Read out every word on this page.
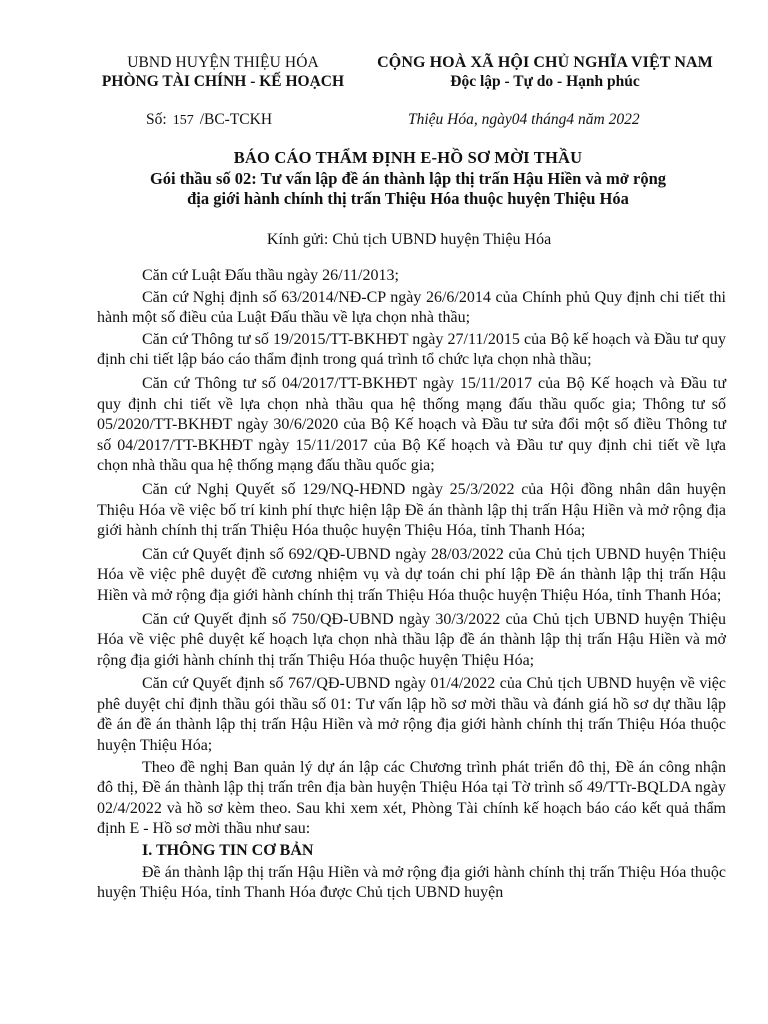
UBND HUYỆN THIỆU HÓA
PHÒNG TÀI CHÍNH - KẾ HOẠCH
CỘNG HOÀ XÃ HỘI CHỦ NGHĨA VIỆT NAM
Độc lập - Tự do - Hạnh phúc
Số: 157 /BC-TCKH	Thiệu Hóa, ngày04 tháng4 năm 2022
BÁO CÁO THẨM ĐỊNH E-HỒ SƠ MỜI THẦU
Gói thầu số 02: Tư vấn lập đề án thành lập thị trấn Hậu Hiền và mở rộng
địa giới hành chính thị trấn Thiệu Hóa thuộc huyện Thiệu Hóa
Kính gửi: Chủ tịch UBND huyện Thiệu Hóa

Căn cứ Luật Đấu thầu ngày 26/11/2013;

Căn cứ Nghị định số 63/2014/NĐ-CP ngày 26/6/2014 của Chính phủ Quy định chi tiết thi hành một số điều của Luật Đấu thầu về lựa chọn nhà thầu;

Căn cứ Thông tư số 19/2015/TT-BKHĐT ngày 27/11/2015 của Bộ kế hoạch và Đầu tư quy định chi tiết lập báo cáo thẩm định trong quá trình tổ chức lựa chọn nhà thầu;

Căn cứ Thông tư số 04/2017/TT-BKHĐT ngày 15/11/2017 của Bộ Kế hoạch và Đầu tư quy định chi tiết về lựa chọn nhà thầu qua hệ thống mạng đấu thầu quốc gia; Thông tư số 05/2020/TT-BKHĐT ngày 30/6/2020 của Bộ Kế hoạch và Đầu tư sửa đổi một số điều Thông tư số 04/2017/TT-BKHĐT ngày 15/11/2017 của Bộ Kế hoạch và Đầu tư quy định chi tiết về lựa chọn nhà thầu qua hệ thống mạng đấu thầu quốc gia;

Căn cứ Nghị Quyết số 129/NQ-HĐND ngày 25/3/2022 của Hội đồng nhân dân huyện Thiệu Hóa về việc bố trí kinh phí thực hiện lập Đề án thành lập thị trấn Hậu Hiền và mở rộng địa giới hành chính thị trấn Thiệu Hóa thuộc huyện Thiệu Hóa, tỉnh Thanh Hóa;

Căn cứ Quyết định số 692/QĐ-UBND ngày 28/03/2022 của Chủ tịch UBND huyện Thiệu Hóa về việc phê duyệt đề cương nhiệm vụ và dự toán chi phí lập Đề án thành lập thị trấn Hậu Hiền và mở rộng địa giới hành chính thị trấn Thiệu Hóa thuộc huyện Thiệu Hóa, tỉnh Thanh Hóa;

Căn cứ Quyết định số 750/QĐ-UBND ngày 30/3/2022 của Chủ tịch UBND huyện Thiệu Hóa về việc phê duyệt kế hoạch lựa chọn nhà thầu lập đề án thành lập thị trấn Hậu Hiền và mở rộng địa giới hành chính thị trấn Thiệu Hóa thuộc huyện Thiệu Hóa;

Căn cứ Quyết định số 767/QĐ-UBND ngày 01/4/2022 của Chủ tịch UBND huyện về việc phê duyệt chỉ định thầu gói thầu số 01: Tư vấn lập hồ sơ mời thầu và đánh giá hồ sơ dự thầu lập đề án đề án thành lập thị trấn Hậu Hiền và mở rộng địa giới hành chính thị trấn Thiệu Hóa thuộc huyện Thiệu Hóa;

Theo đề nghị Ban quản lý dự án lập các Chương trình phát triển đô thị, Đề án công nhận đô thị, Đề án thành lập thị trấn trên địa bàn huyện Thiệu Hóa tại Tờ trình số 49/TTr-BQLDA ngày 02/4/2022 và hồ sơ kèm theo. Sau khi xem xét, Phòng Tài chính kế hoạch báo cáo kết quả thẩm định E - Hồ sơ mời thầu như sau:

I. THÔNG TIN CƠ BẢN

Đề án thành lập thị trấn Hậu Hiền và mở rộng địa giới hành chính thị trấn Thiệu Hóa thuộc huyện Thiệu Hóa, tỉnh Thanh Hóa được Chủ tịch UBND huyện
